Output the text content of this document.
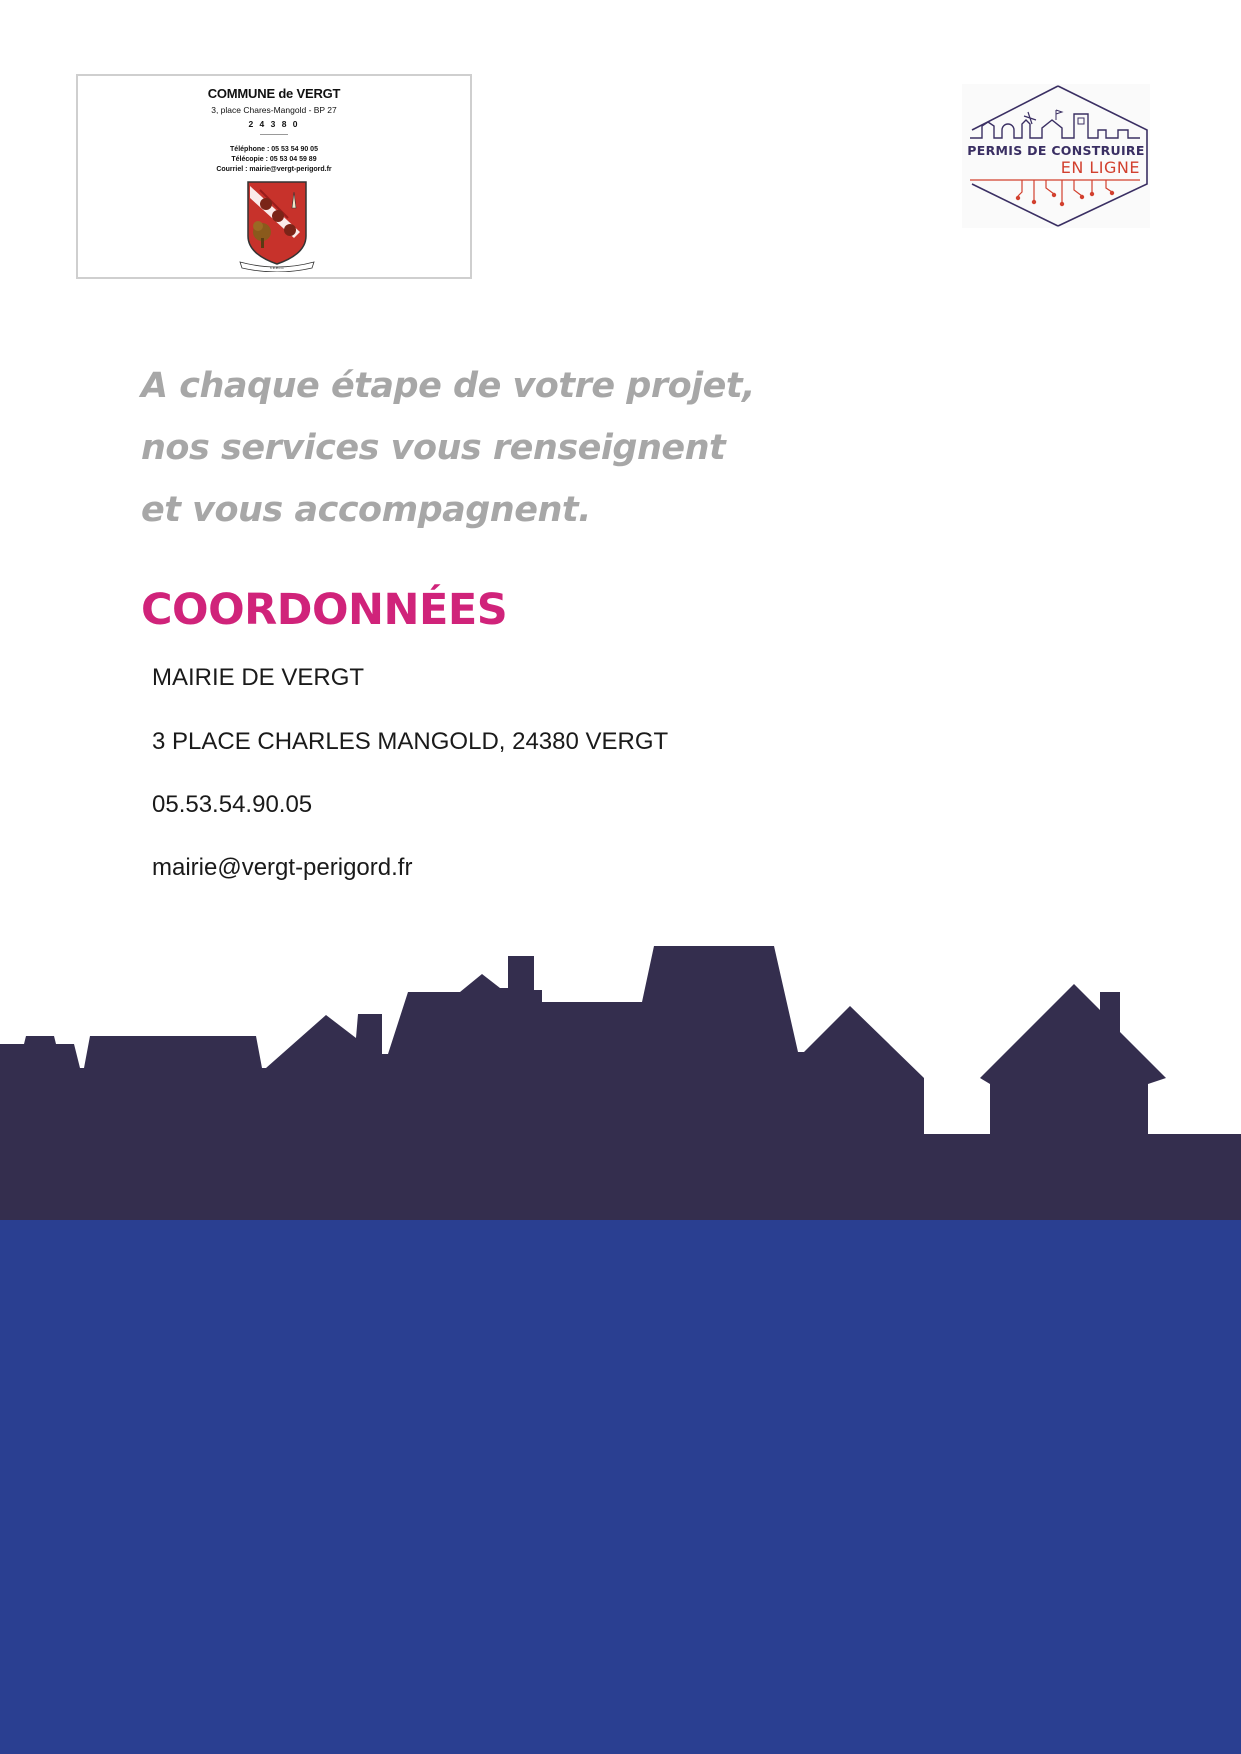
COMMUNE de VERGT
3, place Chares-Mangold - BP 27
2 4 3 8 0
Téléphone : 05 53 54 90 05
Télécopie : 05 53 04 59 89
Courriel : mairie@vergt-perigord.fr
VERGT
PERMIS DE CONSTRUIRE
EN LIGNE
A chaque étape de votre projet,
nos services vous renseignent
et vous accompagnent.
COORDONNÉES
MAIRIE DE VERGT
3 PLACE CHARLES MANGOLD, 24380 VERGT
05.53.54.90.05
mairie@vergt-perigord.fr
